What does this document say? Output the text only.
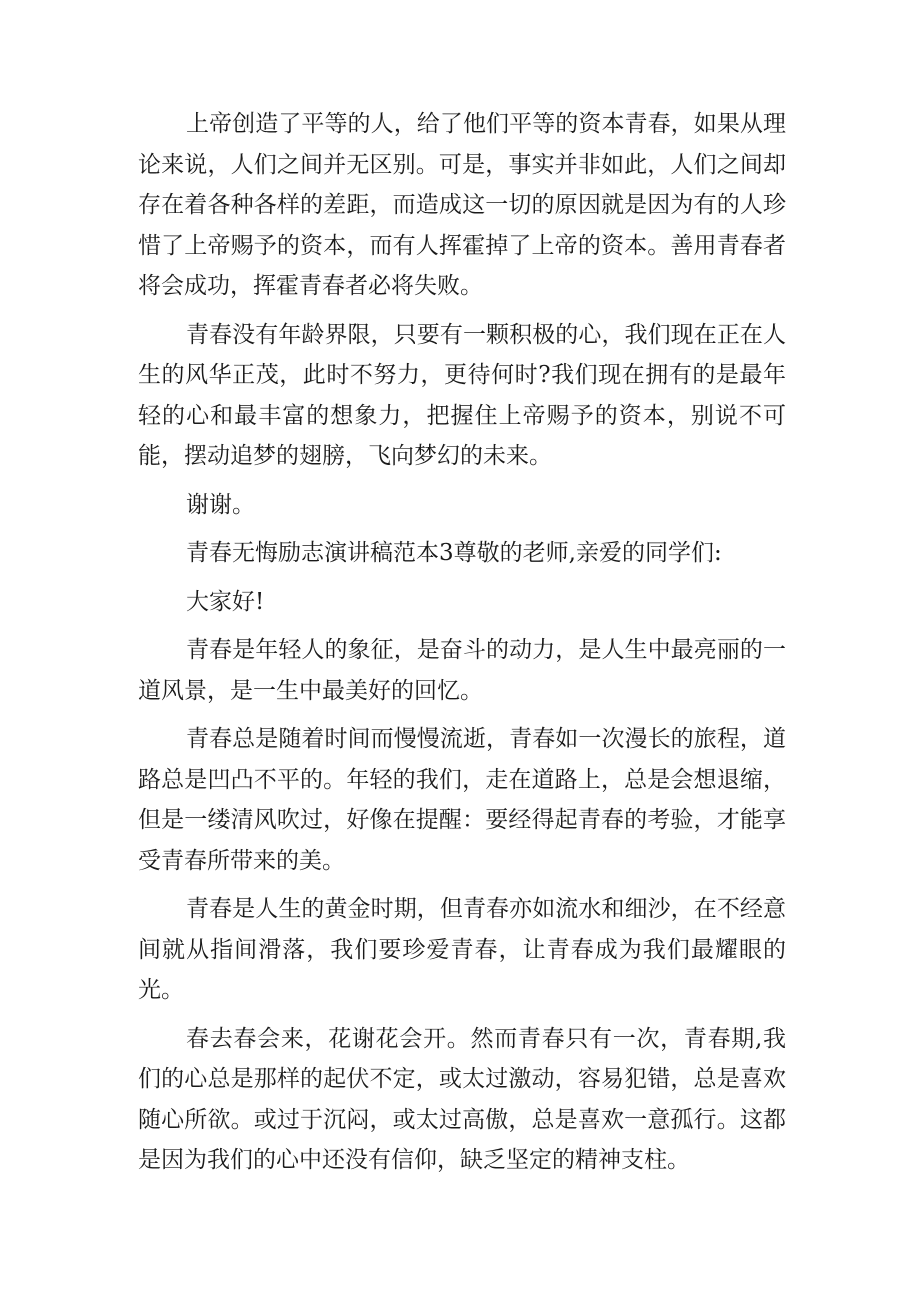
上帝创造了平等的人，给了他们平等的资本青春，如果从理论来说，人们之间并无区别。可是，事实并非如此，人们之间却存在着各种各样的差距，而造成这一切的原因就是因为有的人珍惜了上帝赐予的资本，而有人挥霍掉了上帝的资本。善用青春者将会成功，挥霍青春者必将失败。

青春没有年龄界限，只要有一颗积极的心，我们现在正在人生的风华正茂，此时不努力，更待何时?我们现在拥有的是最年轻的心和最丰富的想象力，把握住上帝赐予的资本，别说不可能，摆动追梦的翅膀，飞向梦幻的未来。

谢谢。

青春无悔励志演讲稿范本3尊敬的老师,亲爱的同学们:

大家好!

青春是年轻人的象征，是奋斗的动力，是人生中最亮丽的一道风景，是一生中最美好的回忆。

青春总是随着时间而慢慢流逝，青春如一次漫长的旅程，道路总是凹凸不平的。年轻的我们，走在道路上，总是会想退缩，但是一缕清风吹过，好像在提醒：要经得起青春的考验，才能享受青春所带来的美。

青春是人生的黄金时期，但青春亦如流水和细沙，在不经意间就从指间滑落，我们要珍爱青春，让青春成为我们最耀眼的光。

春去春会来，花谢花会开。然而青春只有一次，青春期,我们的心总是那样的起伏不定，或太过激动，容易犯错，总是喜欢随心所欲。或过于沉闷，或太过高傲，总是喜欢一意孤行。这都是因为我们的心中还没有信仰，缺乏坚定的精神支柱。
